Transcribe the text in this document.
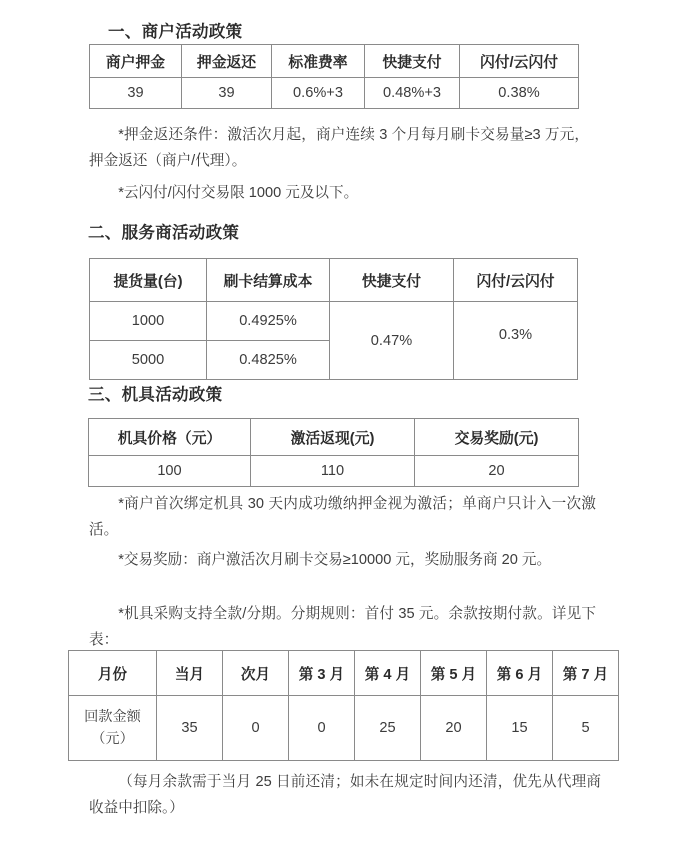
一、商户活动政策
商户押金	押金返还	标准费率	快捷支付	闪付/云闪付
39	39	0.6%+3	0.48%+3	0.38%
*押金返还条件：激活次月起，商户连续 3 个月每月刷卡交易量≥3 万元，押金返还（商户/代理）。
*云闪付/闪付交易限 1000 元及以下。
二、服务商活动政策
提货量(台)	刷卡结算成本	快捷支付	闪付/云闪付
1000	0.4925%	0.47%	0.3%
5000	0.4825%		
三、机具活动政策
机具价格（元）	激活返现(元)	交易奖励(元)
100	110	20
*商户首次绑定机具 30 天内成功缴纳押金视为激活；单商户只计入一次激活。
*交易奖励：商户激活次月刷卡交易≥10000 元，奖励服务商 20 元。
*机具采购支持全款/分期。分期规则：首付 35 元。余款按期付款。详见下表：
月份	当月	次月	第 3 月	第 4 月	第 5 月	第 6 月	第 7 月

回款金额
（元）	35	0	0	25	20	15	5
（每月余款需于当月 25 日前还清；如未在规定时间内还清，优先从代理商收益中扣除。）
